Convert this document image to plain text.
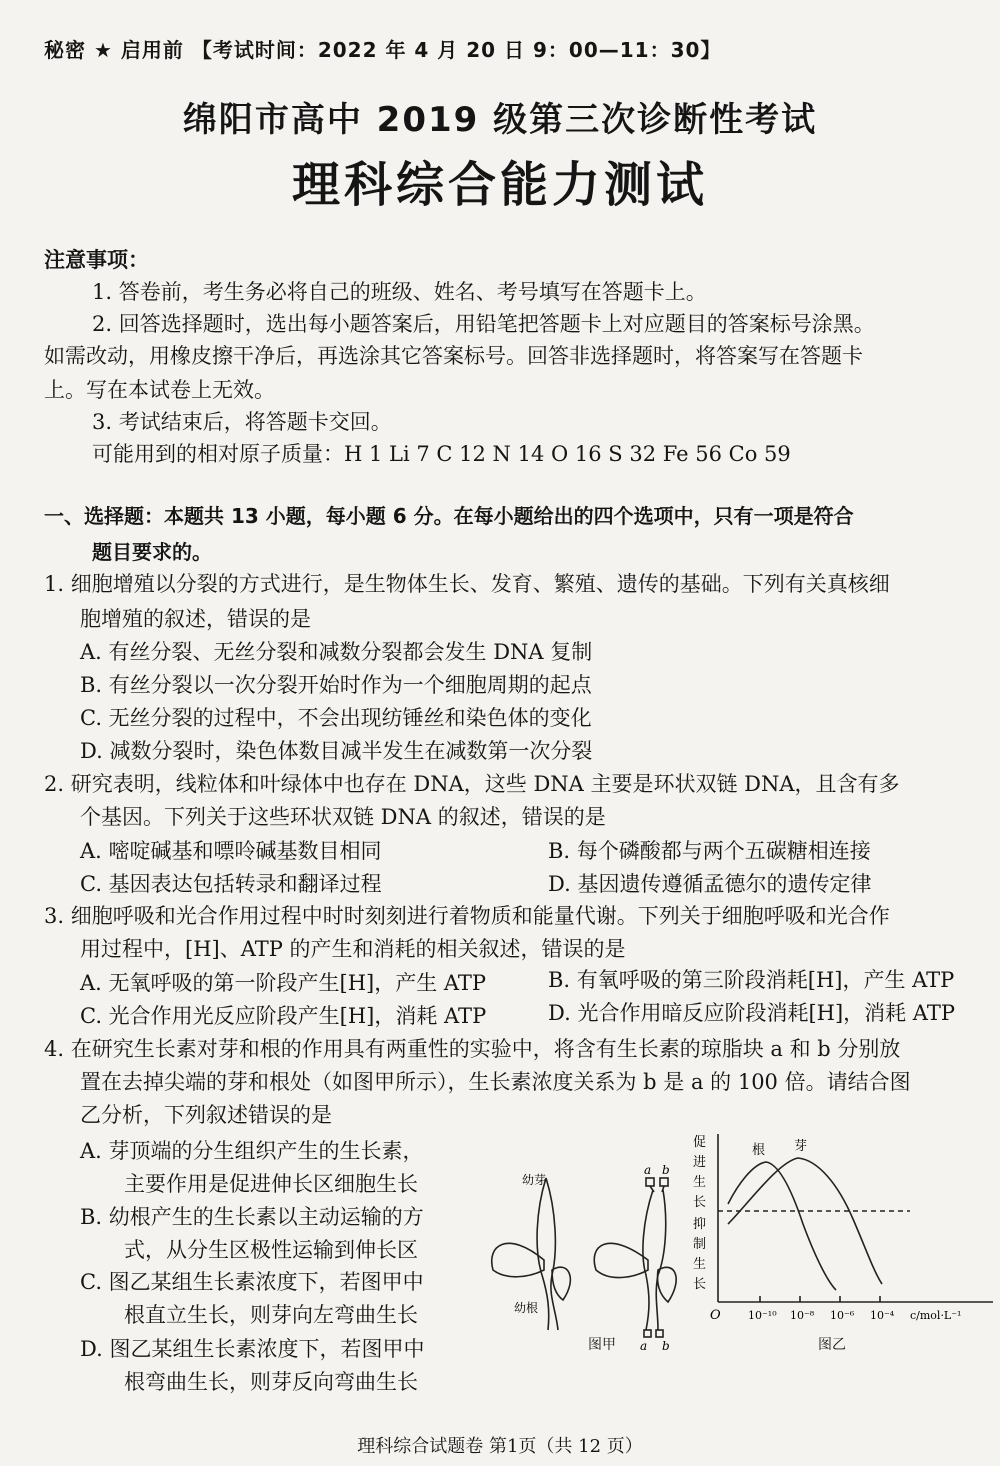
秘密 ★ 启用前 【考试时间：2022 年 4 月 20 日 9：00—11：30】
绵阳市高中 2019 级第三次诊断性考试
理科综合能力测试
注意事项：
1. 答卷前，考生务必将自己的班级、姓名、考号填写在答题卡上。
2. 回答选择题时，选出每小题答案后，用铅笔把答题卡上对应题目的答案标号涂黑。
如需改动，用橡皮擦干净后，再选涂其它答案标号。回答非选择题时，将答案写在答题卡
上。写在本试卷上无效。
3. 考试结束后，将答题卡交回。
可能用到的相对原子质量：H 1 Li 7 C 12 N 14 O 16 S 32 Fe 56 Co 59
一、选择题：本题共 13 小题，每小题 6 分。在每小题给出的四个选项中，只有一项是符合
题目要求的。
1. 细胞增殖以分裂的方式进行，是生物体生长、发育、繁殖、遗传的基础。下列有关真核细
胞增殖的叙述，错误的是
A. 有丝分裂、无丝分裂和减数分裂都会发生 DNA 复制
B. 有丝分裂以一次分裂开始时作为一个细胞周期的起点
C. 无丝分裂的过程中，不会出现纺锤丝和染色体的变化
D. 减数分裂时，染色体数目减半发生在减数第一次分裂
2. 研究表明，线粒体和叶绿体中也存在 DNA，这些 DNA 主要是环状双链 DNA，且含有多
个基因。下列关于这些环状双链 DNA 的叙述，错误的是
A. 嘧啶碱基和嘌呤碱基数目相同	B. 每个磷酸都与两个五碳糖相连接
C. 基因表达包括转录和翻译过程	D. 基因遗传遵循孟德尔的遗传定律
3. 细胞呼吸和光合作用过程中时时刻刻进行着物质和能量代谢。下列关于细胞呼吸和光合作
用过程中，[H]、ATP 的产生和消耗的相关叙述，错误的是
A. 无氧呼吸的第一阶段产生[H]，产生 ATP	B. 有氧呼吸的第三阶段消耗[H]，产生 ATP
C. 光合作用光反应阶段产生[H]，消耗 ATP	D. 光合作用暗反应阶段消耗[H]，消耗 ATP
4. 在研究生长素对芽和根的作用具有两重性的实验中，将含有生长素的琼脂块 a 和 b 分别放
置在去掉尖端的芽和根处（如图甲所示），生长素浓度关系为 b 是 a 的 100 倍。请结合图
乙分析，下列叙述错误的是
A. 芽顶端的分生组织产生的生长素，
主要作用是促进伸长区细胞生长
B. 幼根产生的生长素以主动运输的方
式，从分生区极性运输到伸长区
C. 图乙某组生长素浓度下，若图甲中
根直立生长，则芽向左弯曲生长
D. 图乙某组生长素浓度下，若图甲中
根弯曲生长，则芽反向弯曲生长
幼芽
幼根
a b
a b
图甲
促
进
生
长
抑
制
生
长
根 芽
O 10⁻¹⁰ 10⁻⁸ 10⁻⁶ 10⁻⁴ c/mol·L⁻¹
图乙
理科综合试题卷 第1页（共 12 页）
